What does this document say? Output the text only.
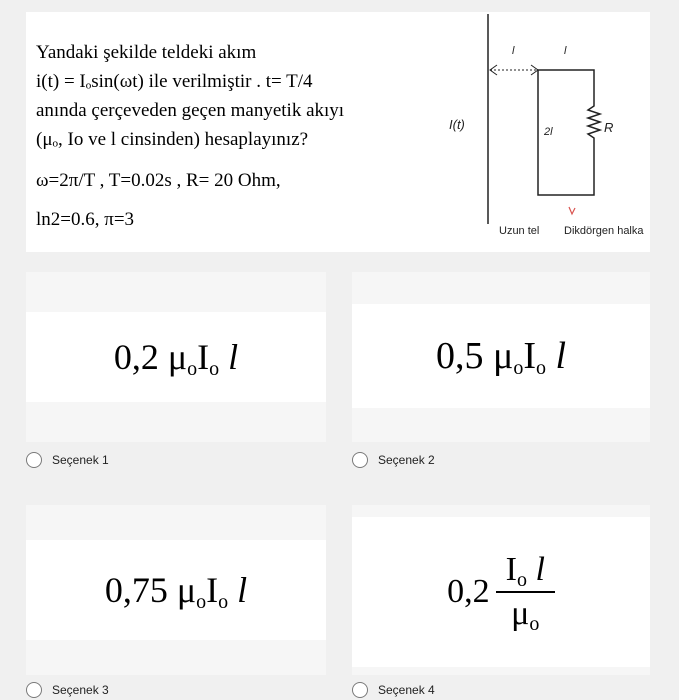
Yandaki şekilde teldeki akım
i(t) = Iₒsin(ωt) ile verilmiştir . t= T/4
anında çerçeveden geçen manyetik akıyı
(μₒ, Io ve l cinsinden) hesaplayınız?
ω=2π/T , T=0.02s , R= 20 Ohm,
ln2=0.6, π=3
l	l
I(t)	2l	R
Uzun tel Dikdörgen halka
0,2 μoIo l
Seçenek 1
0,5 μoIo l
Seçenek 2
0,75 μoIo l
Seçenek 3
$0,2 \frac{\text{Io l}}{\mu o}$
Seçenek 4
